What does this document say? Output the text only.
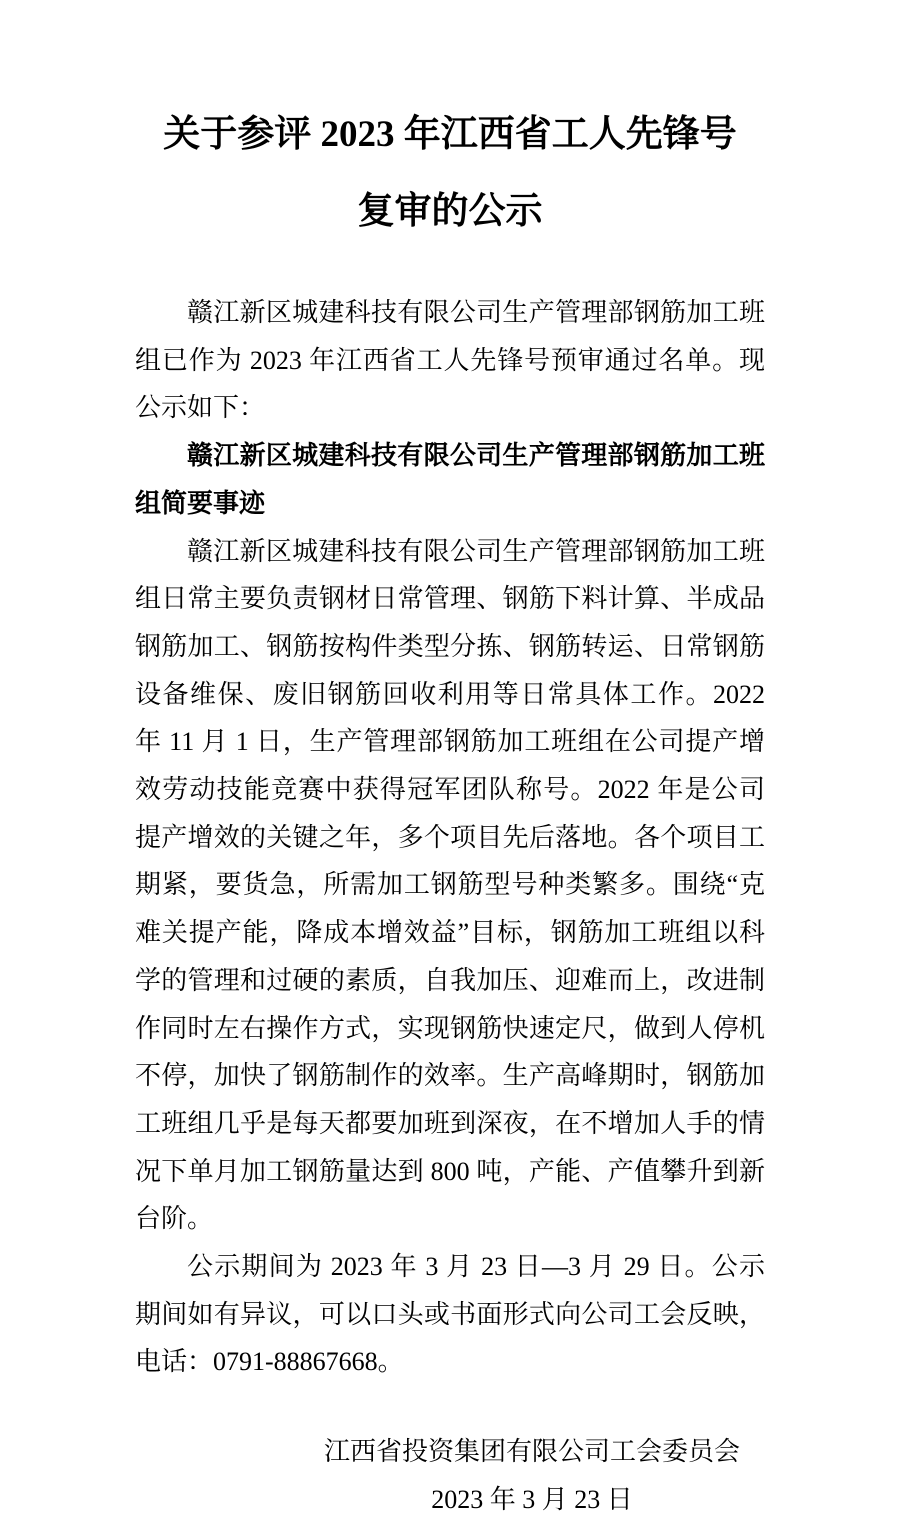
关于参评 2023 年江西省工人先锋号
复审的公示

赣江新区城建科技有限公司生产管理部钢筋加工班组已作为 2023 年江西省工人先锋号预审通过名单。现公示如下：

赣江新区城建科技有限公司生产管理部钢筋加工班组简要事迹

赣江新区城建科技有限公司生产管理部钢筋加工班组日常主要负责钢材日常管理、钢筋下料计算、半成品钢筋加工、钢筋按构件类型分拣、钢筋转运、日常钢筋设备维保、废旧钢筋回收利用等日常具体工作。2022 年 11 月 1 日，生产管理部钢筋加工班组在公司提产增效劳动技能竞赛中获得冠军团队称号。2022 年是公司提产增效的关键之年，多个项目先后落地。各个项目工期紧，要货急，所需加工钢筋型号种类繁多。围绕“克难关提产能，降成本增效益”目标，钢筋加工班组以科学的管理和过硬的素质，自我加压、迎难而上，改进制作同时左右操作方式，实现钢筋快速定尺，做到人停机不停，加快了钢筋制作的效率。生产高峰期时，钢筋加工班组几乎是每天都要加班到深夜，在不增加人手的情况下单月加工钢筋量达到 800 吨，产能、产值攀升到新台阶。

公示期间为 2023 年 3 月 23 日—3 月 29 日。公示期间如有异议，可以口头或书面形式向公司工会反映，电话：0791-88867668。

江西省投资集团有限公司工会委员会
2023 年 3 月 23 日
